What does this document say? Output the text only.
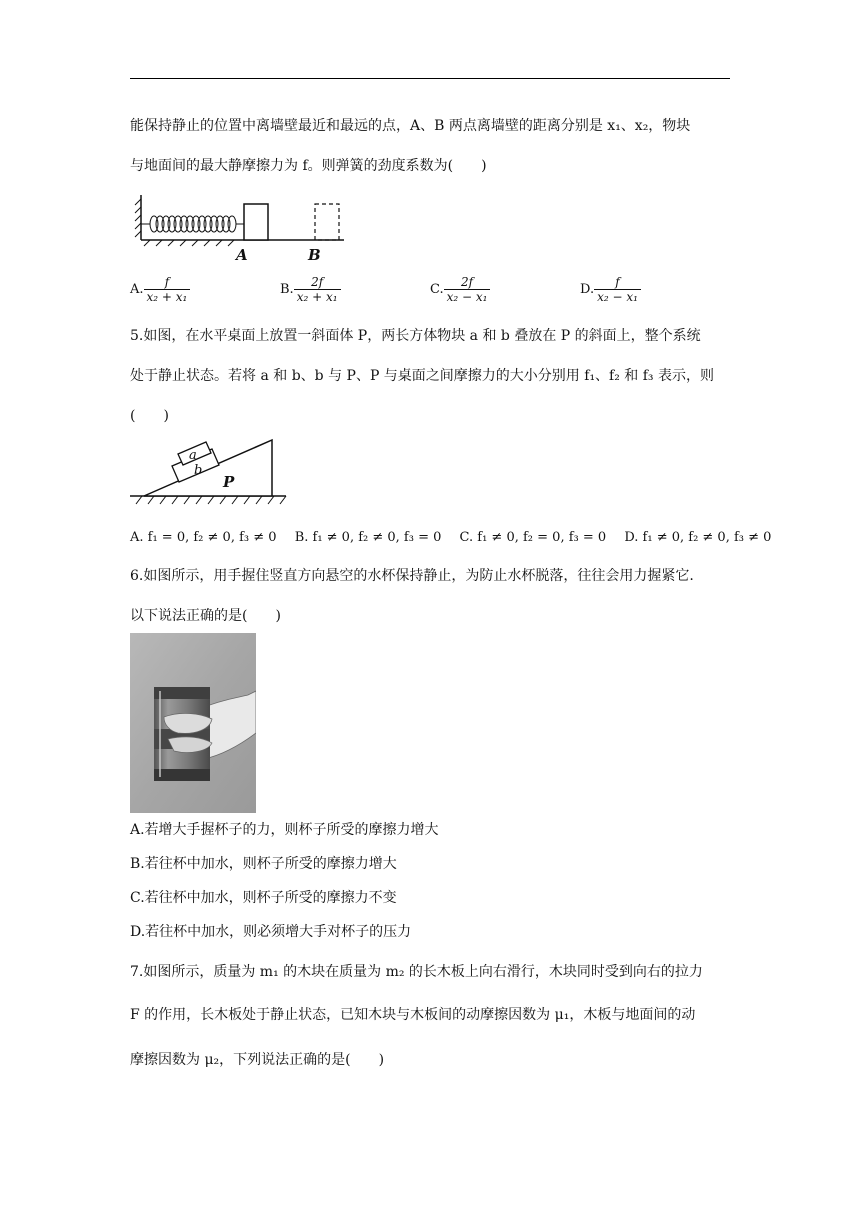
能保持静止的位置中离墙壁最近和最远的点，A、B 两点离墙壁的距离分别是 x₁、x₂，物块
与地面间的最大静摩擦力为 f。则弹簧的劲度系数为(　　)
A	B
A. $\frac{f}{\text{x₂ + x₁}}$	B. $\frac{2f}{\text{x₂ + x₁}}$	C. $\frac{2f}{\text{x₂ − x₁}}$	D. $\frac{f}{\text{x₂ − x₁}}$
5.如图，在水平桌面上放置一斜面体 P，两长方体物块 a 和 b 叠放在 P 的斜面上，整个系统
处于静止状态。若将 a 和 b、b 与 P、P 与桌面之间摩擦力的大小分别用 f₁、f₂ 和 f₃ 表示，则
(　　)
a
b
P
A. f₁ = 0, f₂ ≠ 0, f₃ ≠ 0 B. f₁ ≠ 0, f₂ ≠ 0, f₃ = 0 C. f₁ ≠ 0, f₂ = 0, f₃ = 0 D. f₁ ≠ 0, f₂ ≠ 0, f₃ ≠ 0
6.如图所示，用手握住竖直方向悬空的水杯保持静止，为防止水杯脱落，往往会用力握紧它.
以下说法正确的是(　　)
A.若增大手握杯子的力，则杯子所受的摩擦力增大
B.若往杯中加水，则杯子所受的摩擦力增大
C.若往杯中加水，则杯子所受的摩擦力不变
D.若往杯中加水，则必须增大手对杯子的压力
7.如图所示，质量为 m₁ 的木块在质量为 m₂ 的长木板上向右滑行，木块同时受到向右的拉力
F 的作用，长木板处于静止状态，已知木块与木板间的动摩擦因数为 μ₁，木板与地面间的动
摩擦因数为 μ₂，下列说法正确的是(　　)
